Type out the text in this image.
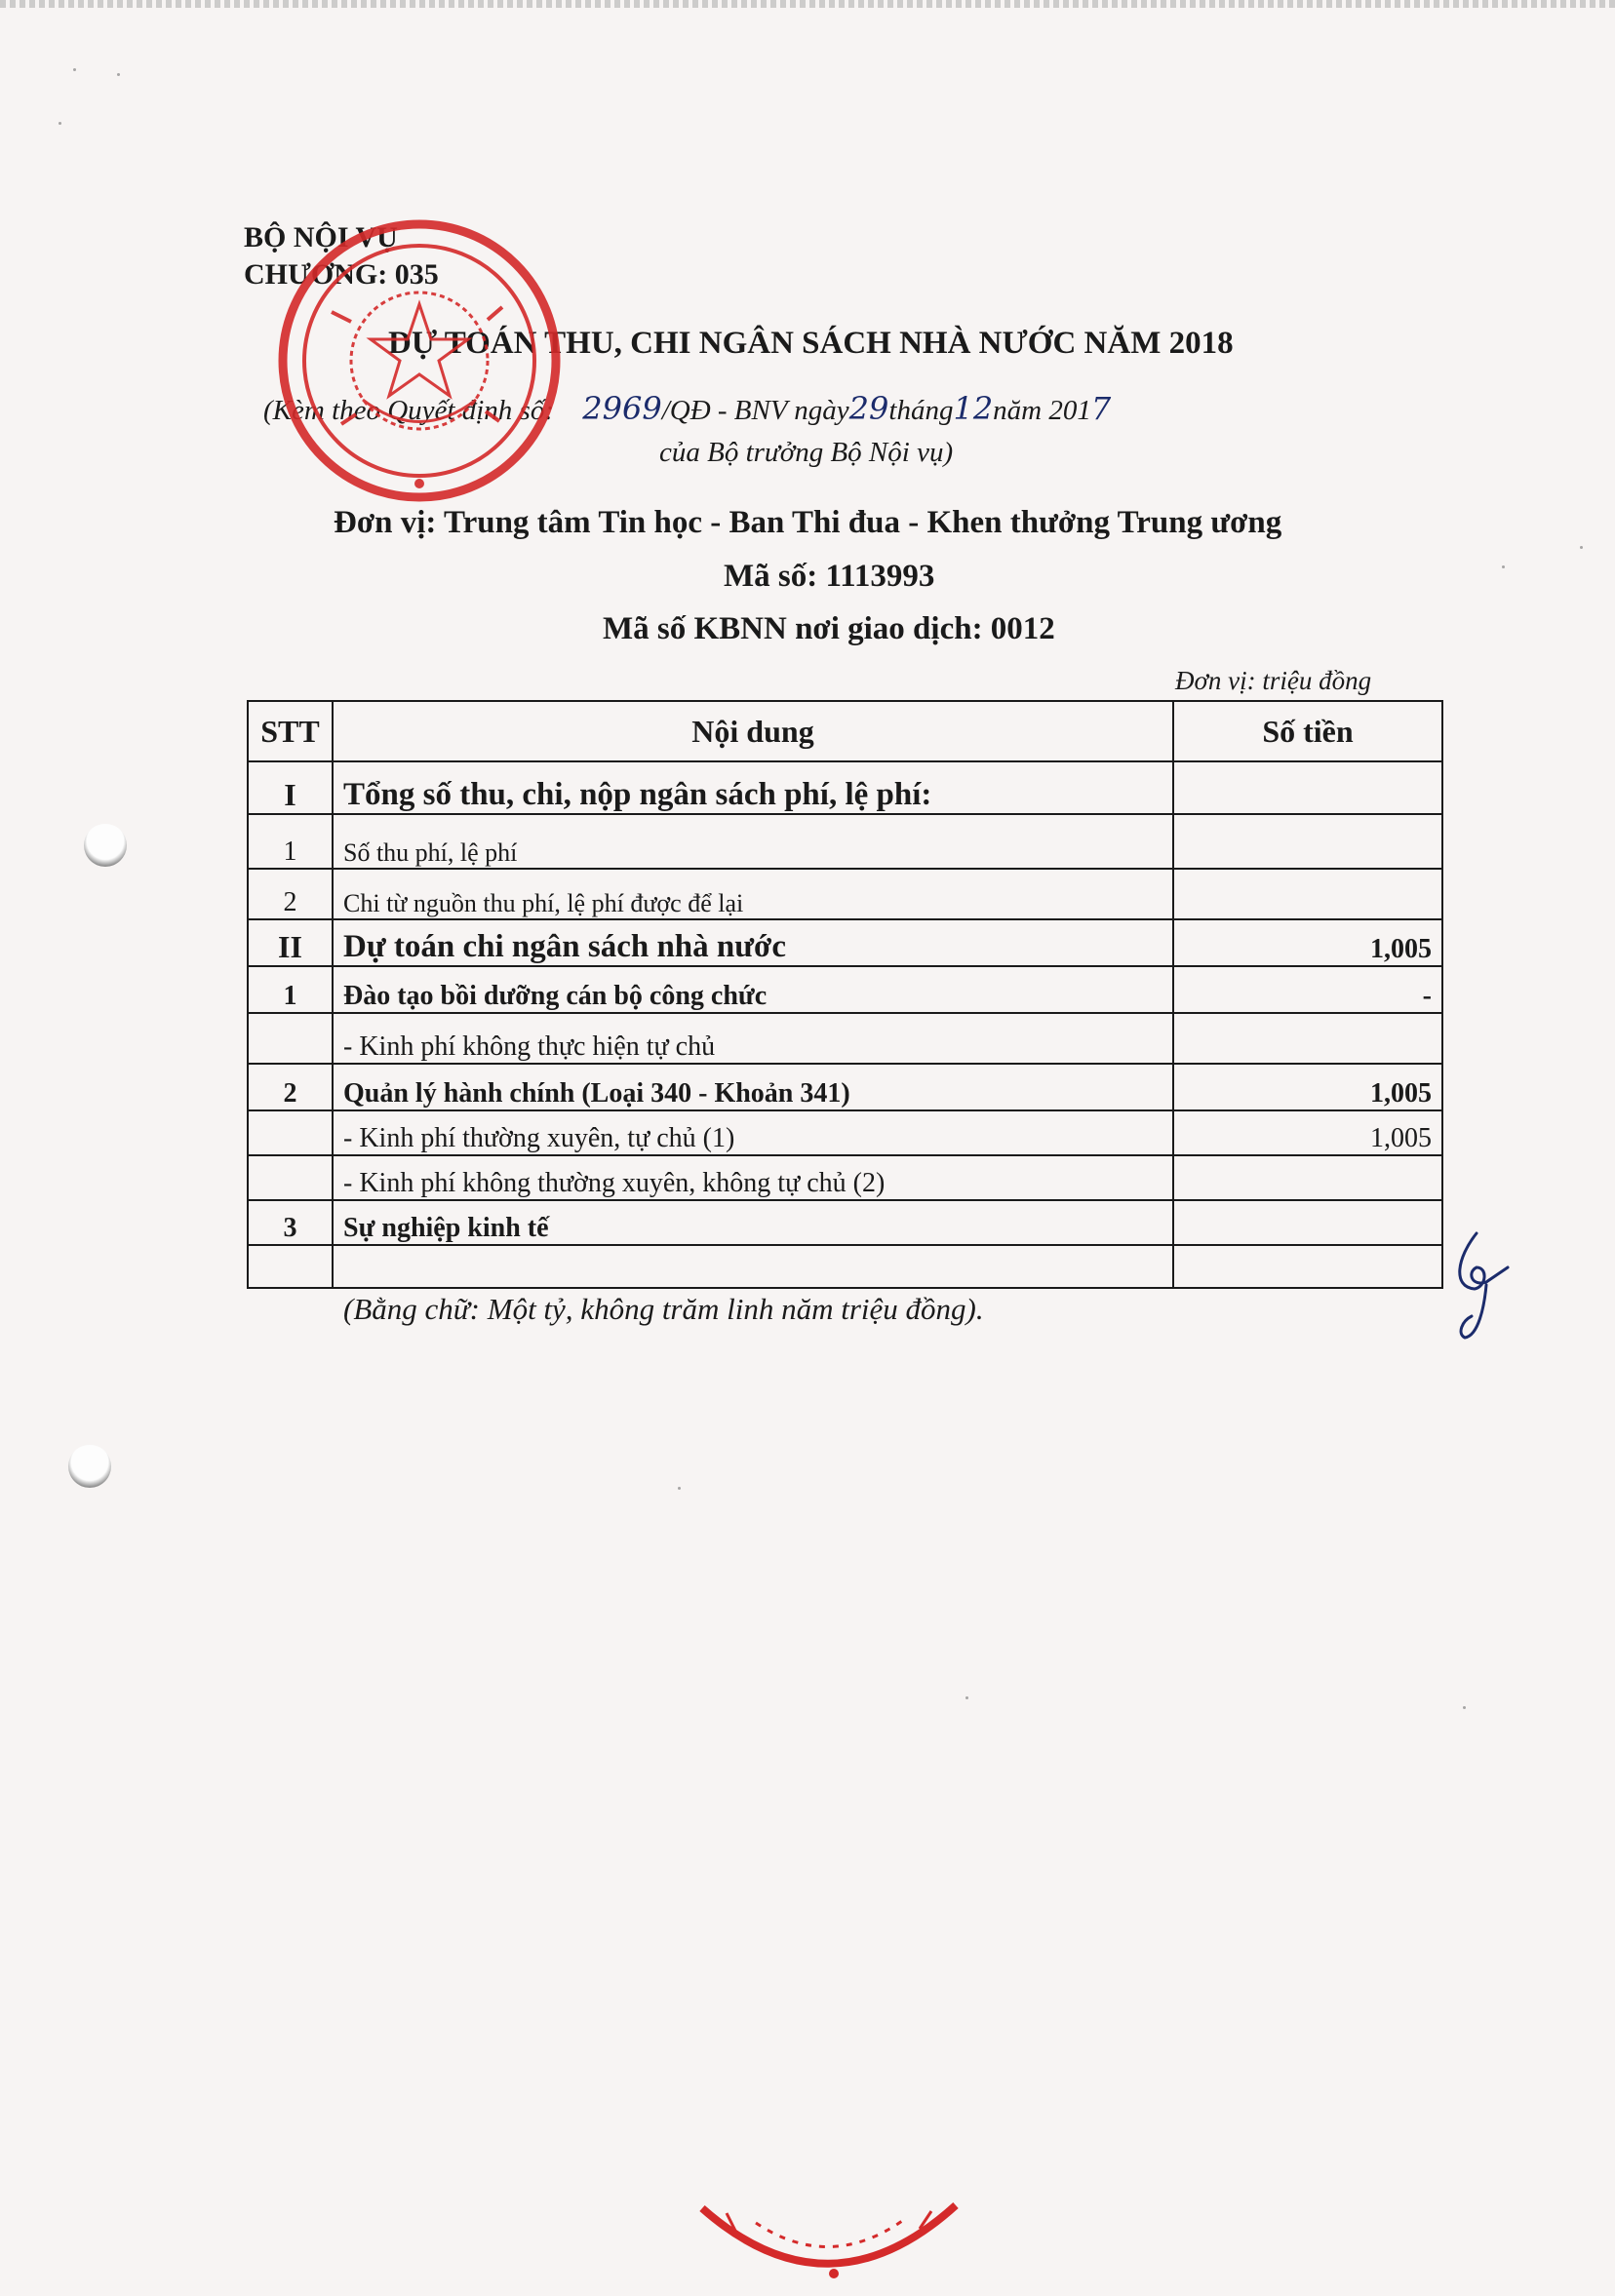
BỘ NỘI VỤ
CHƯƠNG: 035
DỰ TOÁN THU, CHI NGÂN SÁCH NHÀ NƯỚC NĂM 2018
(Kèm theo Quyết định số: 2969/QĐ - BNV ngày29tháng12năm 2017
của Bộ trưởng Bộ Nội vụ)
Đơn vị: Trung tâm Tin học - Ban Thi đua - Khen thưởng Trung ương
Mã số: 1113993
Mã số KBNN nơi giao dịch: 0012
Đơn vị: triệu đồng
STT	Nội dung	Số tiền
I	Tổng số thu, chi, nộp ngân sách phí, lệ phí:	
1	Số thu phí, lệ phí	
2	Chi từ nguồn thu phí, lệ phí được để lại	
II	Dự toán chi ngân sách nhà nước	1,005
1	Đào tạo bồi dưỡng cán bộ công chức	-
	- Kinh phí không thực hiện tự chủ	
2	Quản lý hành chính (Loại 340 - Khoản 341)	1,005
	- Kinh phí thường xuyên, tự chủ (1)	1,005
	- Kinh phí không thường xuyên, không tự chủ (2)	
3	Sự nghiệp kinh tế	

(Bằng chữ: Một tỷ, không trăm linh năm triệu đồng).
